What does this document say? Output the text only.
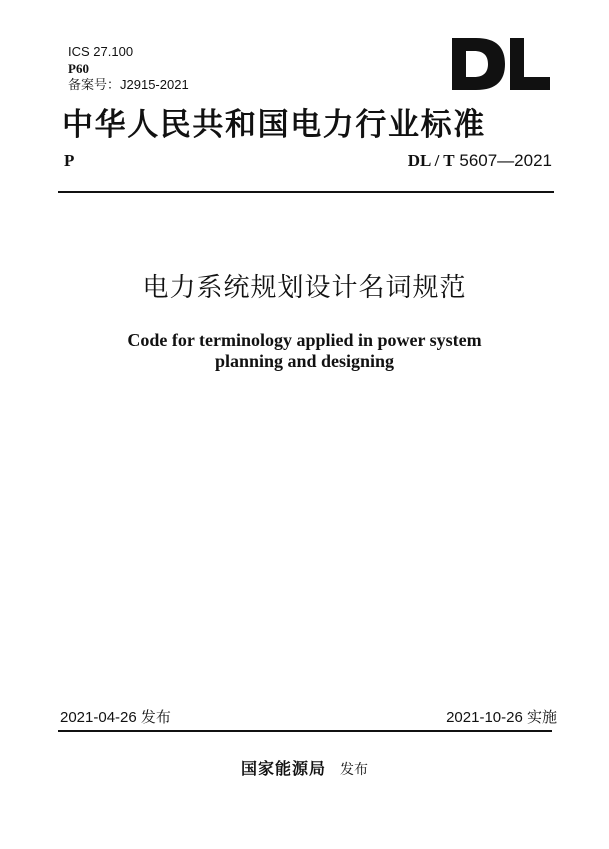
ICS 27.100
P60
备案号：J2915-2021
中华人民共和国电力行业标准
P	DL / T 5607—2021
电力系统规划设计名词规范
Code for terminology applied in power system
planning and designing
2021-04-26 发布	2021-10-26 实施
国家能源局 发布
